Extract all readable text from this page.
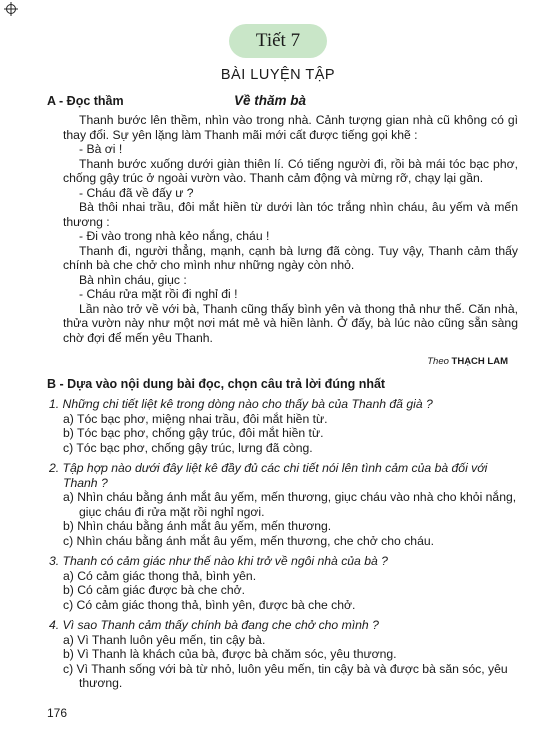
Tiết 7
BÀI LUYỆN TẬP
A - Đọc thầm	Về thăm bà

Thanh bước lên thềm, nhìn vào trong nhà. Cảnh tượng gian nhà cũ không có gì thay đổi. Sự yên lặng làm Thanh mãi mới cất được tiếng gọi khẽ :

- Bà ơi !

Thanh bước xuống dưới giàn thiên lí. Có tiếng người đi, rồi bà mái tóc bạc phơ, chống gậy trúc ở ngoài vườn vào. Thanh cảm động và mừng rỡ, chạy lại gần.

- Cháu đã về đấy ư ?

Bà thôi nhai trầu, đôi mắt hiền từ dưới làn tóc trắng nhìn cháu, âu yếm và mến thương :

- Đi vào trong nhà kẻo nắng, cháu !

Thanh đi, người thẳng, mạnh, cạnh bà lưng đã còng. Tuy vậy, Thanh cảm thấy chính bà che chở cho mình như những ngày còn nhỏ.

Bà nhìn cháu, giục :

- Cháu rửa mặt rồi đi nghỉ đi !

Lần nào trở về với bà, Thanh cũng thấy bình yên và thong thả như thế. Căn nhà, thửa vườn này như một nơi mát mẻ và hiền lành. Ở đấy, bà lúc nào cũng sẵn sàng chờ đợi để mến yêu Thanh.

Theo THẠCH LAM
B - Dựa vào nội dung bài đọc, chọn câu trả lời đúng nhất
1. Những chi tiết liệt kê trong dòng nào cho thấy bà của Thanh đã già ?
a) Tóc bạc phơ, miệng nhai trầu, đôi mắt hiền từ.
b) Tóc bạc phơ, chống gậy trúc, đôi mắt hiền từ.
c) Tóc bạc phơ, chống gậy trúc, lưng đã còng.
2. Tập hợp nào dưới đây liệt kê đầy đủ các chi tiết nói lên tình cảm của bà đối với Thanh ?
a) Nhìn cháu bằng ánh mắt âu yếm, mến thương, giục cháu vào nhà cho khỏi nắng, giục cháu đi rửa mặt rồi nghỉ ngơi.
b) Nhìn cháu bằng ánh mắt âu yếm, mến thương.
c) Nhìn cháu bằng ánh mắt âu yếm, mến thương, che chở cho cháu.
3. Thanh có cảm giác như thế nào khi trở về ngôi nhà của bà ?
a) Có cảm giác thong thả, bình yên.
b) Có cảm giác được bà che chở.
c) Có cảm giác thong thả, bình yên, được bà che chở.
4. Vì sao Thanh cảm thấy chính bà đang che chở cho mình ?
a) Vì Thanh luôn yêu mến, tin cậy bà.
b) Vì Thanh là khách của bà, được bà chăm sóc, yêu thương.
c) Vì Thanh sống với bà từ nhỏ, luôn yêu mến, tin cậy bà và được bà săn sóc, yêu thương.
176
